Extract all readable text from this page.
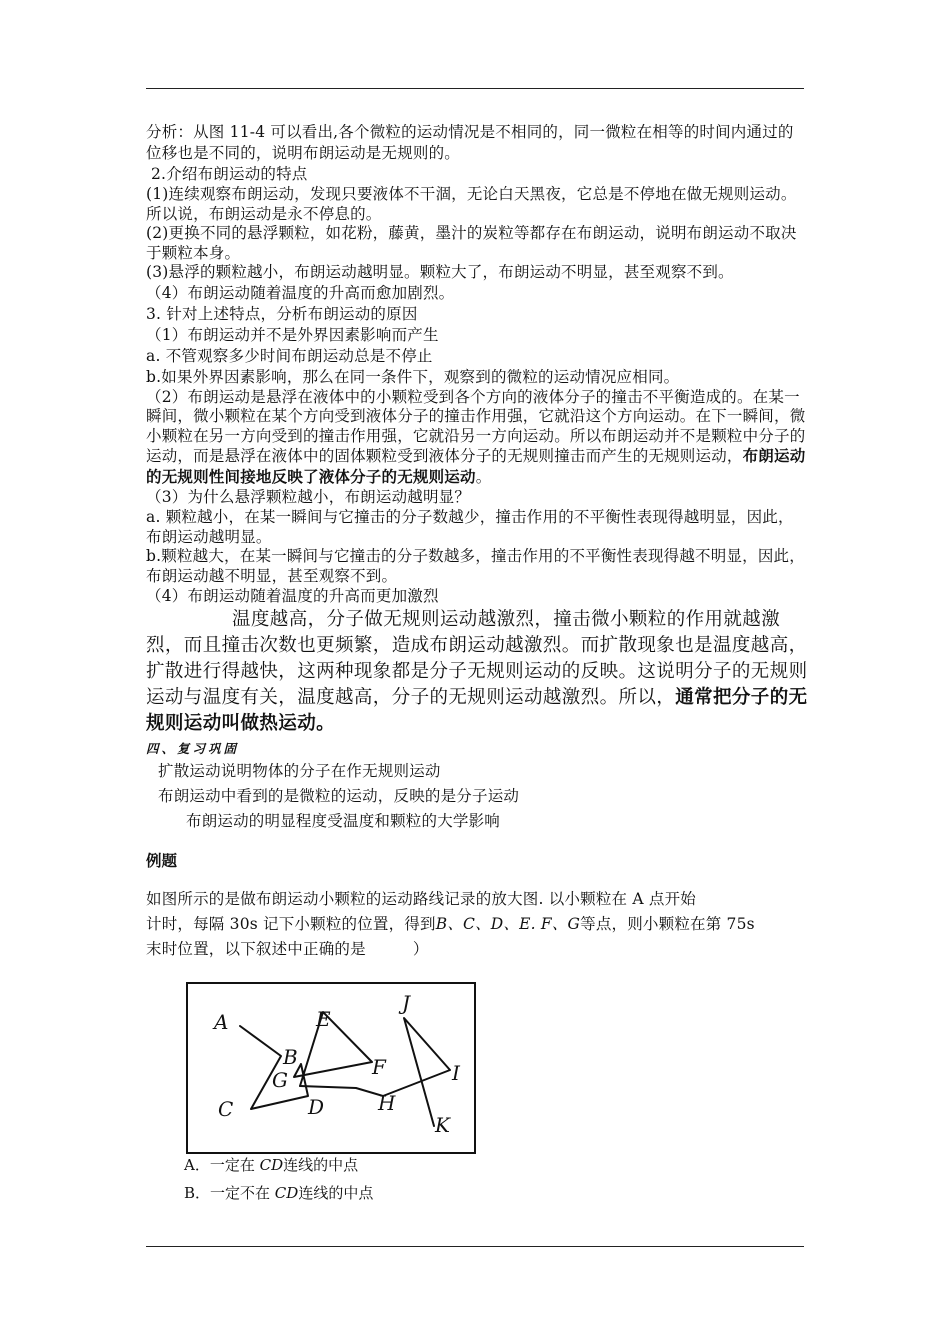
分析：从图 11-4 可以看出,各个微粒的运动情况是不相同的，同一微粒在相等的时间内通过的位移也是不同的，说明布朗运动是无规则的。

2.介绍布朗运动的特点

(1)连续观察布朗运动，发现只要液体不干涸，无论白天黑夜，它总是不停地在做无规则运动。所以说，布朗运动是永不停息的。

(2)更换不同的悬浮颗粒，如花粉，藤黄，墨汁的炭粒等都存在布朗运动，说明布朗运动不取决于颗粒本身。

(3)悬浮的颗粒越小，布朗运动越明显。颗粒大了，布朗运动不明显，甚至观察不到。

（4）布朗运动随着温度的升高而愈加剧烈。

3. 针对上述特点，分析布朗运动的原因

（1）布朗运动并不是外界因素影响而产生

a. 不管观察多少时间布朗运动总是不停止

b.如果外界因素影响，那么在同一条件下，观察到的微粒的运动情况应相同。

（2）布朗运动是悬浮在液体中的小颗粒受到各个方向的液体分子的撞击不平衡造成的。在某一瞬间，微小颗粒在某个方向受到液体分子的撞击作用强，它就沿这个方向运动。在下一瞬间，微小颗粒在另一方向受到的撞击作用强，它就沿另一方向运动。所以布朗运动并不是颗粒中分子的运动，而是悬浮在液体中的固体颗粒受到液体分子的无规则撞击而产生的无规则运动，布朗运动的无规则性间接地反映了液体分子的无规则运动。

（3）为什么悬浮颗粒越小，布朗运动越明显？

a. 颗粒越小，在某一瞬间与它撞击的分子数越少，撞击作用的不平衡性表现得越明显，因此，布朗运动越明显。

b.颗粒越大，在某一瞬间与它撞击的分子数越多，撞击作用的不平衡性表现得越不明显，因此，布朗运动越不明显，甚至观察不到。

（4）布朗运动随着温度的升高而更加激烈

温度越高，分子做无规则运动越激烈，撞击微小颗粒的作用就越激烈，而且撞击次数也更频繁，造成布朗运动越激烈。而扩散现象也是温度越高，扩散进行得越快，这两种现象都是分子无规则运动的反映。这说明分子的无规则运动与温度有关，温度越高，分子的无规则运动越激烈。所以，通常把分子的无规则运动叫做热运动。

四、复习巩固

扩散运动说明物体的分子在作无规则运动

布朗运动中看到的是微粒的运动，反映的是分子运动

布朗运动的明显程度受温度和颗粒的大学影响

例题

如图所示的是做布朗运动小颗粒的运动路线记录的放大图. 以小颗粒在 A 点开始

计时，每隔 30s 记下小颗粒的位置，得到B、C、D、E. F、G等点，则小颗粒在第 75s

末时位置，以下叙述中正确的是　　　）

A
B
G
C	D
E
F
H
J
I
K

A．一定在 CD连线的中点

B．一定不在 CD连线的中点
